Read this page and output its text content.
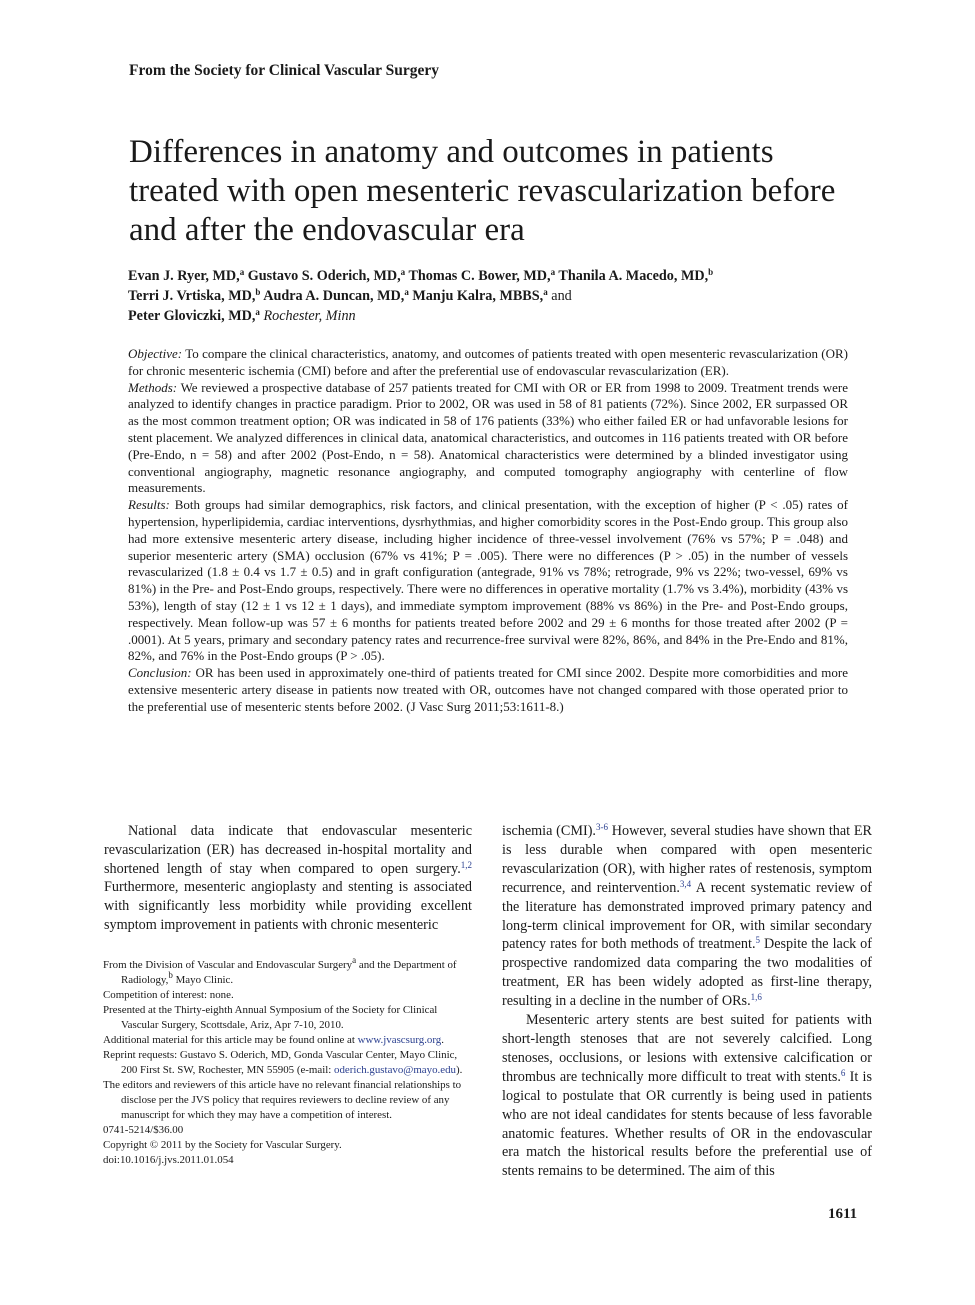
From the Society for Clinical Vascular Surgery
Differences in anatomy and outcomes in patients treated with open mesenteric revascularization before and after the endovascular era
Evan J. Ryer, MD,$^a$ Gustavo S. Oderich, MD,$^a$ Thomas C. Bower, MD,$^a$ Thanila A. Macedo, MD,$^b$
Terri J. Vrtiska, MD,$^b$ Audra A. Duncan, MD,$^a$ Manju Kalra, MBBS,$^a$ and
Peter Gloviczki, MD,$^a$ Rochester, Minn

Objective: To compare the clinical characteristics, anatomy, and outcomes of patients treated with open mesenteric revascularization (OR) for chronic mesenteric ischemia (CMI) before and after the preferential use of endovascular revascularization (ER).

Methods: We reviewed a prospective database of 257 patients treated for CMI with OR or ER from 1998 to 2009. Treatment trends were analyzed to identify changes in practice paradigm. Prior to 2002, OR was used in 58 of 81 patients (72%). Since 2002, ER surpassed OR as the most common treatment option; OR was indicated in 58 of 176 patients (33%) who either failed ER or had unfavorable lesions for stent placement. We analyzed differences in clinical data, anatomical characteristics, and outcomes in 116 patients treated with OR before (Pre-Endo, n = 58) and after 2002 (Post-Endo, n = 58). Anatomical characteristics were determined by a blinded investigator using conventional angiography, magnetic resonance angiography, and computed tomography angiography with centerline of flow measurements.

Results: Both groups had similar demographics, risk factors, and clinical presentation, with the exception of higher (P < .05) rates of hypertension, hyperlipidemia, cardiac interventions, dysrhythmias, and higher comorbidity scores in the Post-Endo group. This group also had more extensive mesenteric artery disease, including higher incidence of three-vessel involvement (76% vs 57%; P = .048) and superior mesenteric artery (SMA) occlusion (67% vs 41%; P = .005). There were no differences (P > .05) in the number of vessels revascularized (1.8 ± 0.4 vs 1.7 ± 0.5) and in graft configuration (antegrade, 91% vs 78%; retrograde, 9% vs 22%; two-vessel, 69% vs 81%) in the Pre- and Post-Endo groups, respectively. There were no differences in operative mortality (1.7% vs 3.4%), morbidity (43% vs 53%), length of stay (12 ± 1 vs 12 ± 1 days), and immediate symptom improvement (88% vs 86%) in the Pre- and Post-Endo groups, respectively. Mean follow-up was 57 ± 6 months for patients treated before 2002 and 29 ± 6 months for those treated after 2002 (P = .0001). At 5 years, primary and secondary patency rates and recurrence-free survival were 82%, 86%, and 84% in the Pre-Endo and 81%, 82%, and 76% in the Post-Endo groups (P > .05).

Conclusion: OR has been used in approximately one-third of patients treated for CMI since 2002. Despite more comorbidities and more extensive mesenteric artery disease in patients now treated with OR, outcomes have not changed compared with those operated prior to the preferential use of mesenteric stents before 2002. (J Vasc Surg 2011;53:1611-8.)

National data indicate that endovascular mesenteric revascularization (ER) has decreased in-hospital mortality and shortened length of stay when compared to open surgery.$^{1,2}$ Furthermore, mesenteric angioplasty and stenting is associated with significantly less morbidity while providing excellent symptom improvement in patients with chronic mesenteric

From the Division of Vascular and Endovascular Surgery$^a$ and the Department of Radiology,$^b$ Mayo Clinic.
Competition of interest: none.
Presented at the Thirty-eighth Annual Symposium of the Society for Clinical Vascular Surgery, Scottsdale, Ariz, Apr 7-10, 2010.
Additional material for this article may be found online at www.jvascsurg.org.
Reprint requests: Gustavo S. Oderich, MD, Gonda Vascular Center, Mayo Clinic, 200 First St. SW, Rochester, MN 55905 (e-mail: oderich.gustavo@mayo.edu).
The editors and reviewers of this article have no relevant financial relationships to disclose per the JVS policy that requires reviewers to decline review of any manuscript for which they may have a competition of interest.
0741-5214/$36.00
Copyright © 2011 by the Society for Vascular Surgery.
doi:10.1016/j.jvs.2011.01.054

ischemia (CMI).$^{3-6}$ However, several studies have shown that ER is less durable when compared with open mesenteric revascularization (OR), with higher rates of restenosis, symptom recurrence, and reintervention.$^{3,4}$ A recent systematic review of the literature has demonstrated improved primary patency and long-term clinical improvement for OR, with similar secondary patency rates for both methods of treatment.$^5$ Despite the lack of prospective randomized data comparing the two modalities of treatment, ER has been widely adopted as first-line therapy, resulting in a decline in the number of ORs.$^{1,6}$

Mesenteric artery stents are best suited for patients with short-length stenoses that are not severely calcified. Long stenoses, occlusions, or lesions with extensive calcification or thrombus are technically more difficult to treat with stents.$^6$ It is logical to postulate that OR currently is being used in patients who are not ideal candidates for stents because of less favorable anatomic features. Whether results of OR in the endovascular era match the historical results before the preferential use of stents remains to be determined. The aim of this

1611
